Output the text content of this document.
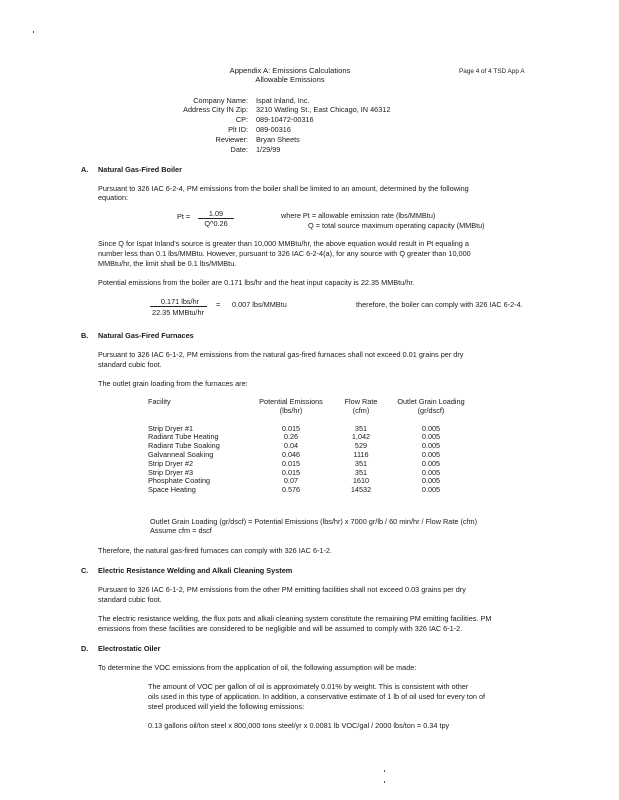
Appendix A: Emissions Calculations
Allowable Emissions
Page 4 of 4 TSD App A
Company Name: Ispat Inland, Inc.
Address City IN Zip: 3210 Watling St., East Chicago, IN 46312
CP: 089-10472-00316
Plt ID: 089-00316
Reviewer: Bryan Sheets
Date: 1/29/99
A. Natural Gas-Fired Boiler
Pursuant to 326 IAC 6-2-4, PM emissions from the boiler shall be limited to an amount, determined by the following
equation:
Pt =	1.09
Q^0.26
where Pt = allowable emission rate (lbs/MMBtu)
Q = total source maximum operating capacity (MMBtu)
Since Q for Ispat Inland's source is greater than 10,000 MMBtu/hr, the above equation would result in Pt equaling a
number less than 0.1 lbs/MMBtu. However, pursuant to 326 IAC 6-2-4(a), for any source with Q greater than 10,000
MMBtu/hr, the limit shall be 0.1 lbs/MMBtu.
Potential emissions from the boiler are 0.171 lbs/hr and the heat input capacity is 22.35 MMBtu/hr.
0.171 lbs/hr
22.35 MMBtu/hr
= 0.007 lbs/MMBtu	therefore, the boiler can comply with 326 IAC 6-2-4.
B. Natural Gas-Fired Furnaces
Pursuant to 326 IAC 6-1-2, PM emissions from the natural gas-fired furnaces shall not exceed 0.01 grains per dry
standard cubic foot.
The outlet grain loading from the furnaces are:
Facility	Potential Emissions	Flow Rate	Outlet Grain Loading
	(lbs/hr)	(cfm)	(gr/dscf)

Strip Dryer #1	0.015	351	0.005
Radiant Tube Heating	0.26	1,042	0.005
Radiant Tube Soaking	0.04	529	0.005
Galvanneal Soaking	0.046	1116	0.005
Strip Dryer #2	0.015	351	0.005
Strip Dryer #3	0.015	351	0.005
Phosphate Coating	0.07	1610	0.005
Space Heating	0.576	14532	0.005
Outlet Grain Loading (gr/dscf) = Potential Emissions (lbs/hr) x 7000 gr/lb / 60 min/hr / Flow Rate (cfm)
Assume cfm = dscf
Therefore, the natural gas-fired furnaces can comply with 326 IAC 6-1-2.
C. Electric Resistance Welding and Alkali Cleaning System
Pursuant to 326 IAC 6-1-2, PM emissions from the other PM emitting facilities shall not exceed 0.03 grains per dry
standard cubic foot.
The electric resistance welding, the flux pots and alkali cleaning system constitute the remaining PM emitting facilities. PM
emissions from these facilities are considered to be negligible and will be assumed to comply with 326 IAC 6-1-2.
D. Electrostatic Oiler
To determine the VOC emissions from the application of oil, the following assumption will be made:
The amount of VOC per gallon of oil is approximately 0.01% by weight. This is consistent with other
oils used in this type of application. In addition, a conservative estimate of 1 lb of oil used for every ton of
steel produced will yield the following emissions:
0.13 gallons oil/ton steel x 800,000 tons steel/yr x 0.0081 lb VOC/gal / 2000 lbs/ton = 0.34 tpy
